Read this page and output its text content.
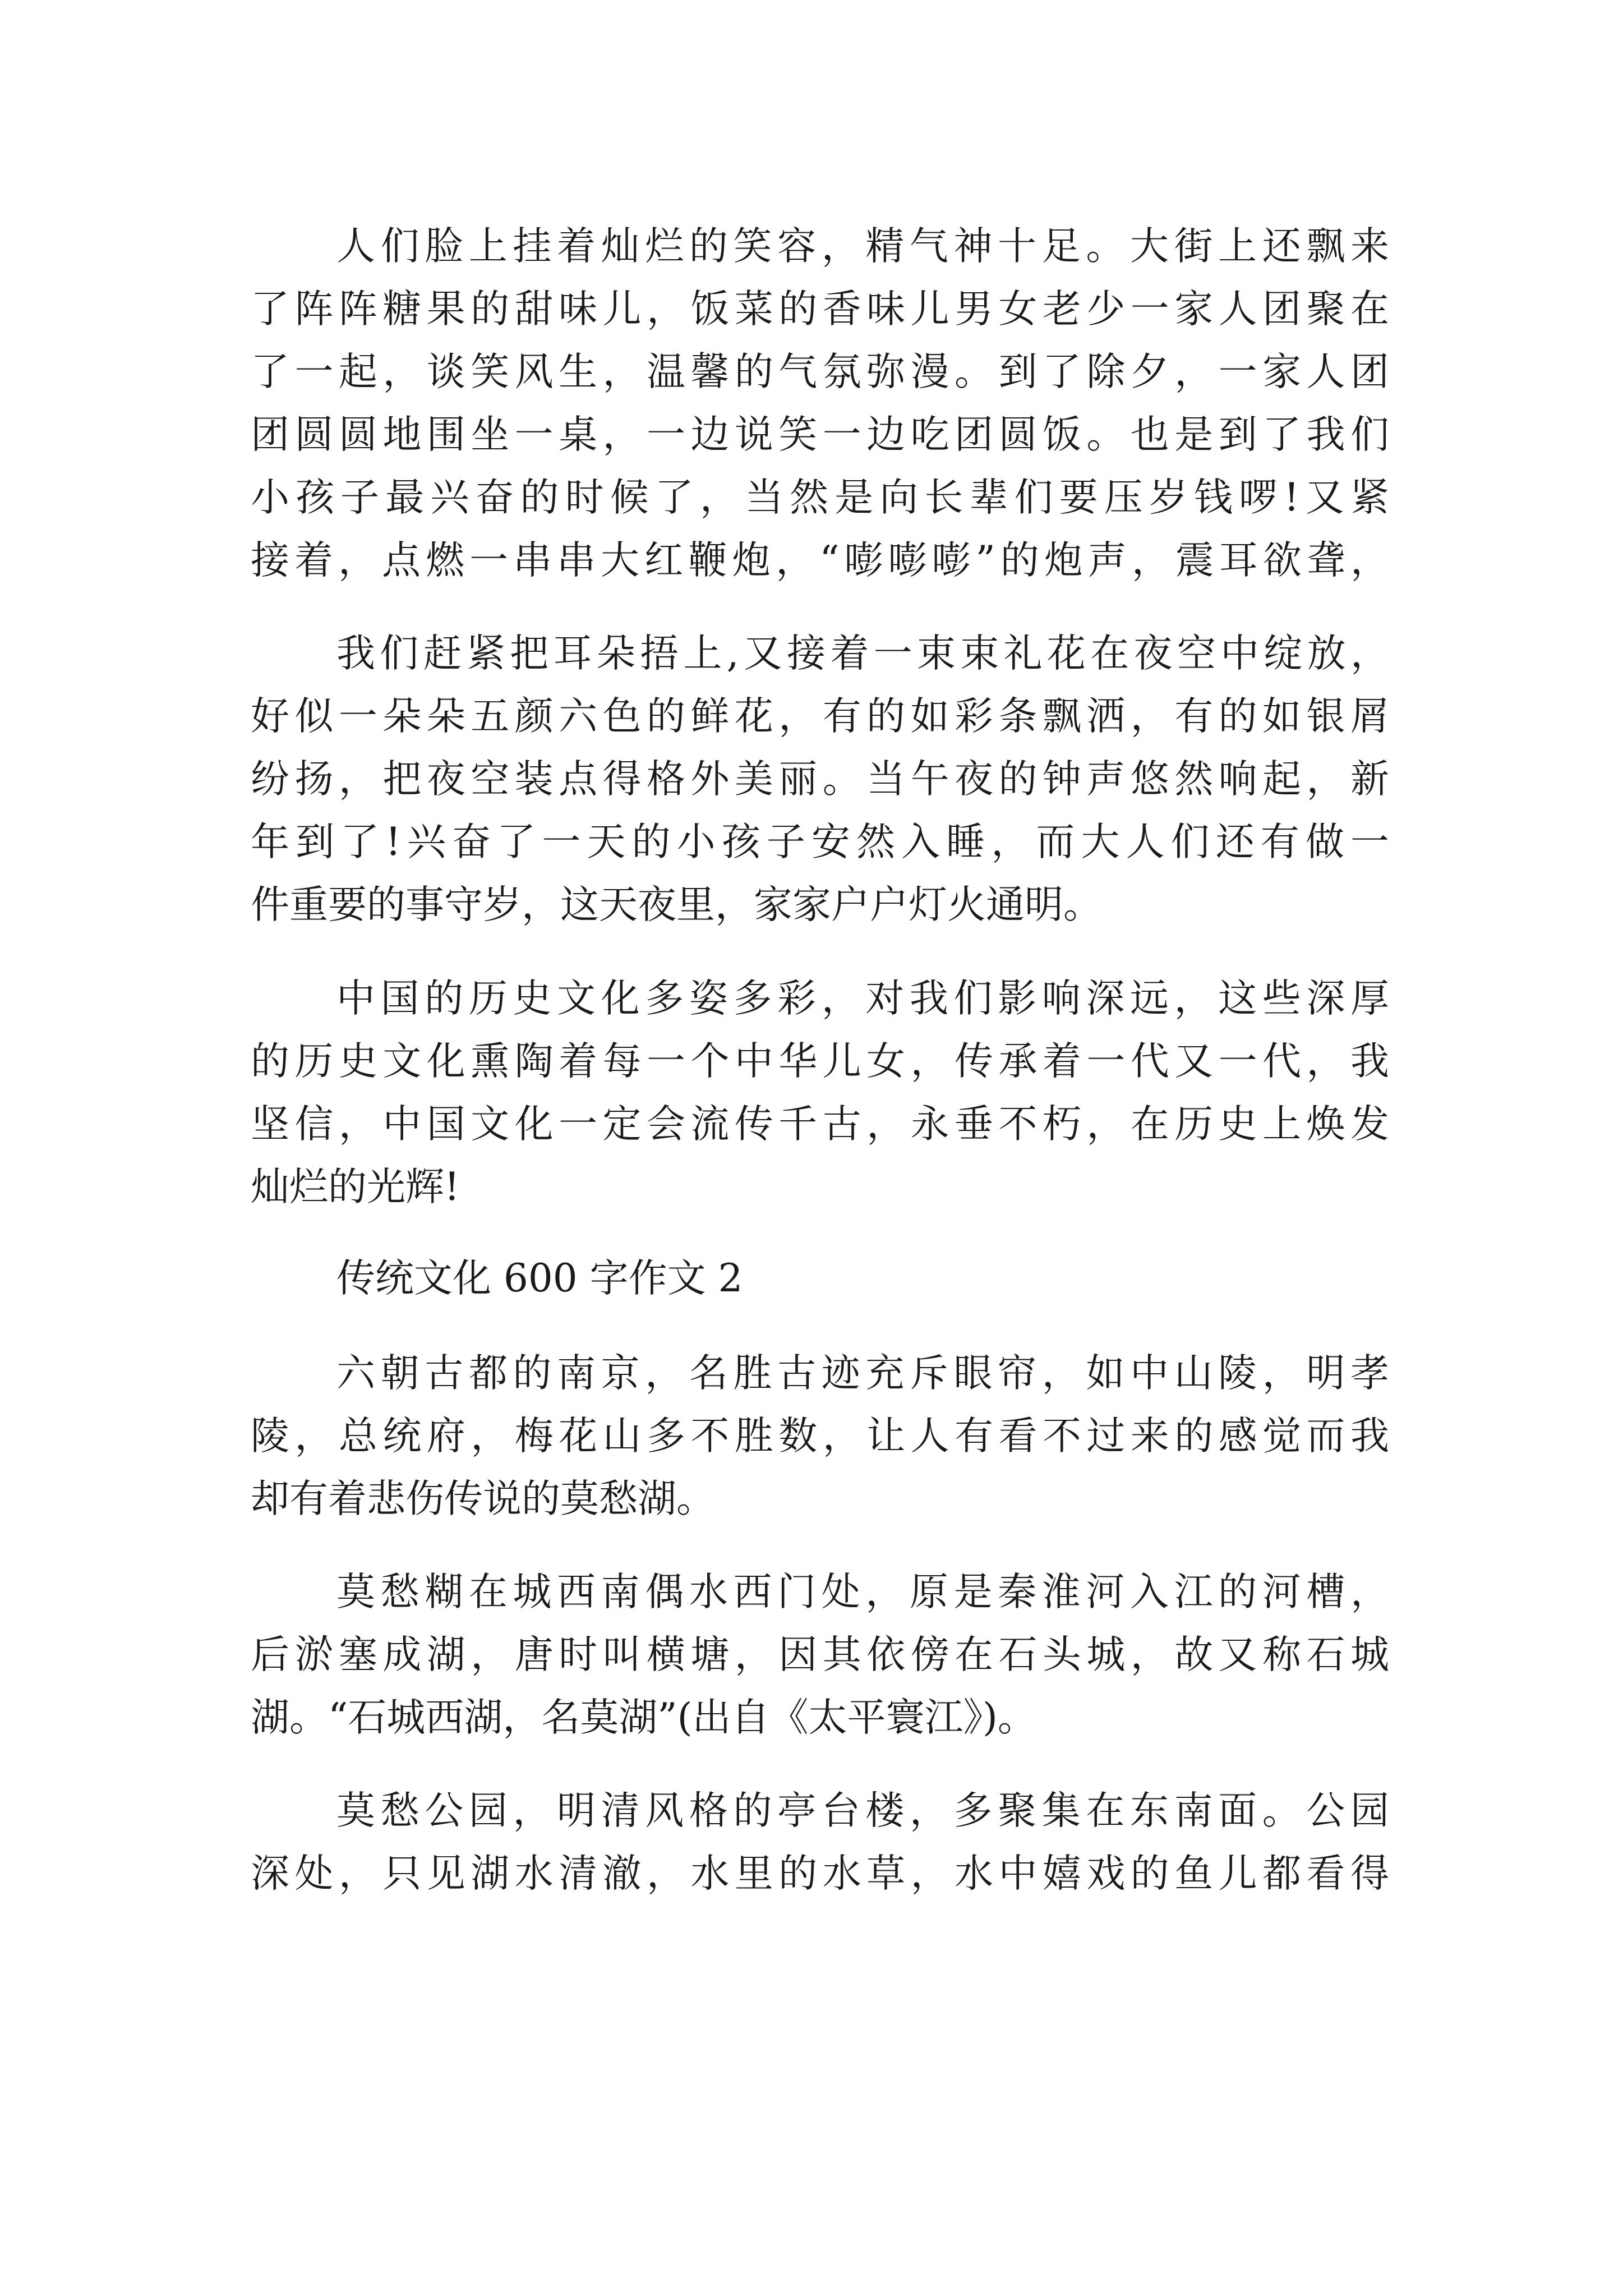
人们脸上挂着灿烂的笑容，精气神十足。大街上还飘来

了阵阵糖果的甜味儿，饭菜的香味儿男女老少一家人团聚在

了一起，谈笑风生，温馨的气氛弥漫。到了除夕，一家人团

团圆圆地围坐一桌，一边说笑一边吃团圆饭。也是到了我们

小孩子最兴奋的时候了，当然是向长辈们要压岁钱啰!又紧

接着，点燃一串串大红鞭炮，“嘭嘭嘭”的炮声，震耳欲聋，

我们赶紧把耳朵捂上,又接着一束束礼花在夜空中绽放，

好似一朵朵五颜六色的鲜花，有的如彩条飘洒，有的如银屑

纷扬，把夜空装点得格外美丽。当午夜的钟声悠然响起，新

年到了!兴奋了一天的小孩子安然入睡，而大人们还有做一

件重要的事守岁，这天夜里，家家户户灯火通明。

中国的历史文化多姿多彩，对我们影响深远，这些深厚

的历史文化熏陶着每一个中华儿女，传承着一代又一代，我

坚信，中国文化一定会流传千古，永垂不朽，在历史上焕发

灿烂的光辉!

传统文化 600 字作文 2

六朝古都的南京，名胜古迹充斥眼帘，如中山陵，明孝

陵，总统府，梅花山多不胜数，让人有看不过来的感觉而我

却有着悲伤传说的莫愁湖。

莫愁糊在城西南偶水西门处，原是秦淮河入江的河槽，

后淤塞成湖，唐时叫横塘，因其依傍在石头城，故又称石城

湖。“石城西湖，名莫湖”(出自《太平寰江》)。

莫愁公园，明清风格的亭台楼，多聚集在东南面。公园

深处，只见湖水清澈，水里的水草，水中嬉戏的鱼儿都看得
